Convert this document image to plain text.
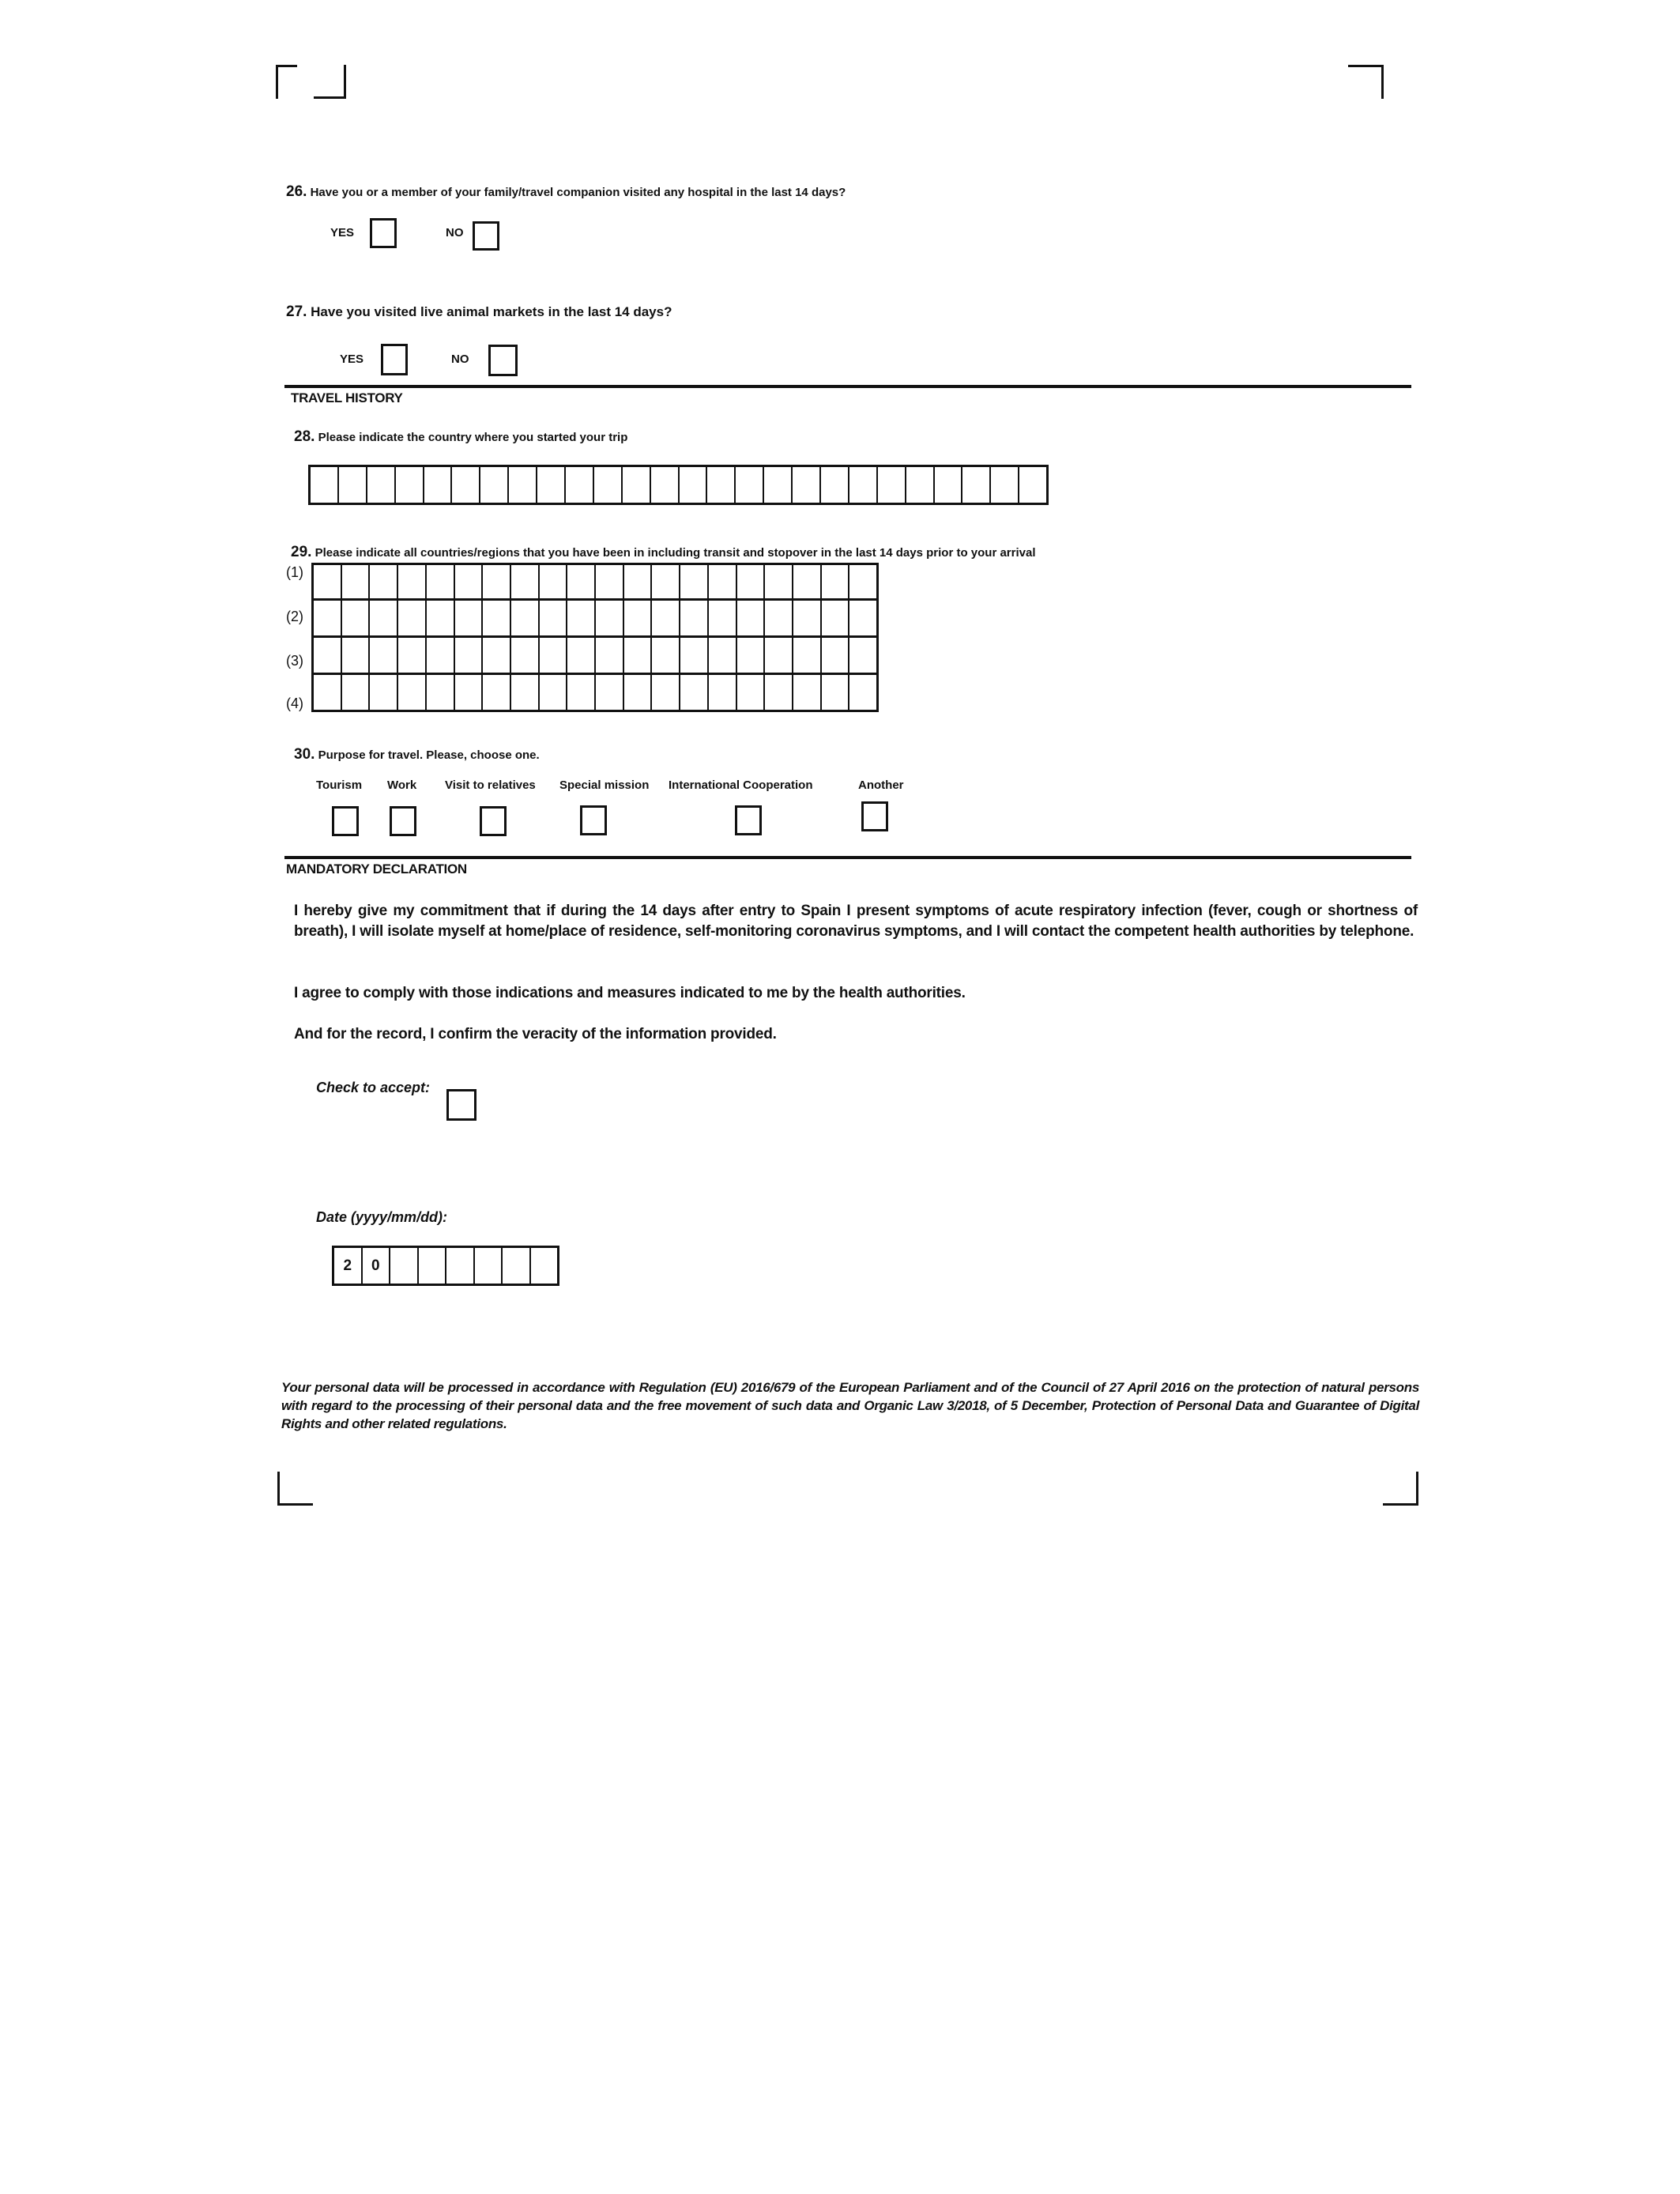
26. Have you or a member of your family/travel companion visited any hospital in the last 14 days?
YES	NO
27. Have you visited live animal markets in the last 14 days?
YES	NO
TRAVEL HISTORY
28. Please indicate the country where you started your trip
29. Please indicate all countries/regions that you have been in including transit and stopover in the last 14 days prior to your arrival
(1)
(2)
(3)
(4)
30. Purpose for travel. Please, choose one.
Tourism Work Visit to relatives Special mission International Cooperation	Another
MANDATORY DECLARATION
I hereby give my commitment that if during the 14 days after entry to Spain I present symptoms of acute respiratory infection (fever, cough or shortness of breath), I will isolate myself at home/place of residence, self-monitoring coronavirus symptoms, and I will contact the competent health authorities by telephone.
I agree to comply with those indications and measures indicated to me by the health authorities.
And for the record, I confirm the veracity of the information provided.
Check to accept:
Date (yyyy/mm/dd):
2	0
Your personal data will be processed in accordance with Regulation (EU) 2016/679 of the European Parliament and of the Council of 27 April 2016 on the protection of natural persons with regard to the processing of their personal data and the free movement of such data and Organic Law 3/2018, of 5 December, Protection of Personal Data and Guarantee of Digital Rights and other related regulations.
